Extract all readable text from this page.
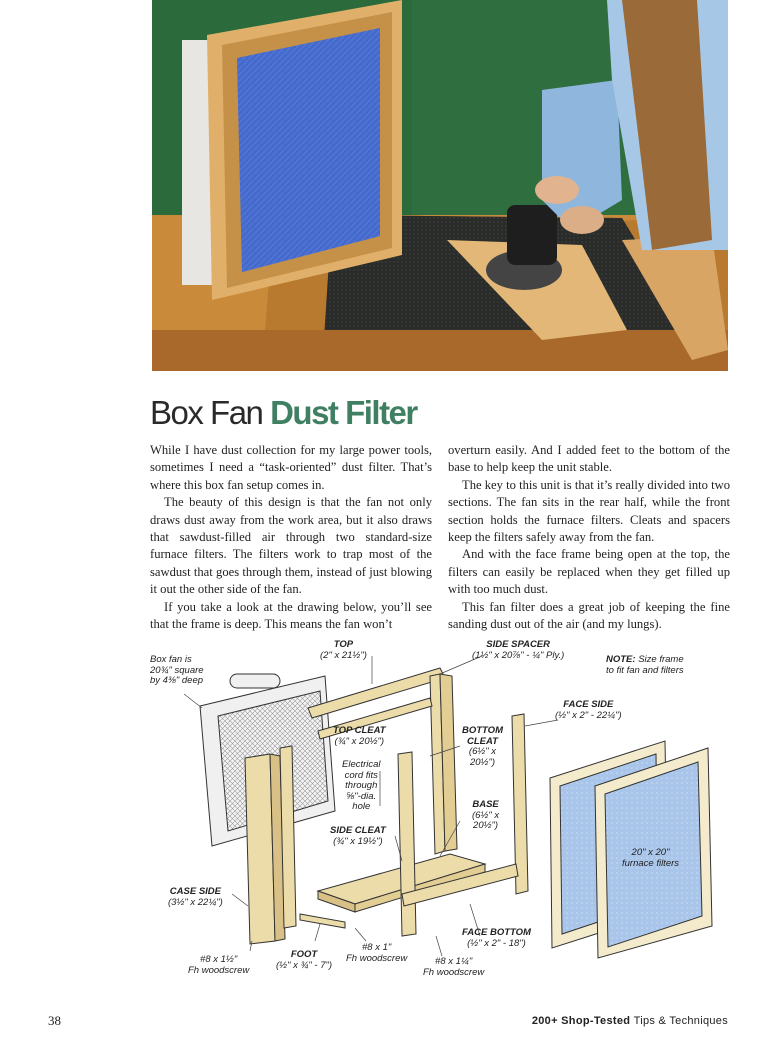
Box Fan Dust Filter

While I have dust collection for my large power tools, sometimes I need a “task-oriented” dust filter. That’s where this box fan setup comes in.

The beauty of this design is that the fan not only draws dust away from the work area, but it also draws that sawdust-filled air through two standard-size furnace filters. The filters work to trap most of the sawdust that goes through them, instead of just blowing it out the other side of the fan.

If you take a look at the drawing below, you’ll see that the frame is deep. This means the fan won’t

overturn easily. And I added feet to the bottom of the base to help keep the unit stable.

The key to this unit is that it’s really divided into two sections. The fan sits in the rear half, while the front section holds the furnace filters. Cleats and spacers keep the filters safely away from the fan.

And with the face frame being open at the top, the filters can easily be replaced when they get filled up with too much dust.

This fan filter does a great job of keeping the fine sanding dust out of the air (and my lungs).

Box fan is
20¾" square
by 4⅜" deep
TOP
(2" x 21½")
SIDE SPACER
(1½" x 20⅞" - ¼" Ply.)	NOTE: Size frame
to fit fan and filters
FACE SIDE
(½" x 2" - 22¼")
TOP CLEAT
(¾" x 20½")
BOTTOM
CLEAT
(6½" x
20½")
Electrical
cord fits
through
⅝"-dia.
hole	BASE
(6½" x
20½")
SIDE CLEAT
(¾" x 19½")
20" x 20"
furnace filters
CASE SIDE
(3½" x 22¼")
#8 x 1½"
Fh woodscrew
FOOT
(½" x ¾" - 7")
#8 x 1"
Fh woodscrew
FACE BOTTOM
(½" x 2" - 18")
#8 x 1¼"
Fh woodscrew
38	200+ Shop-Tested Tips & Techniques
